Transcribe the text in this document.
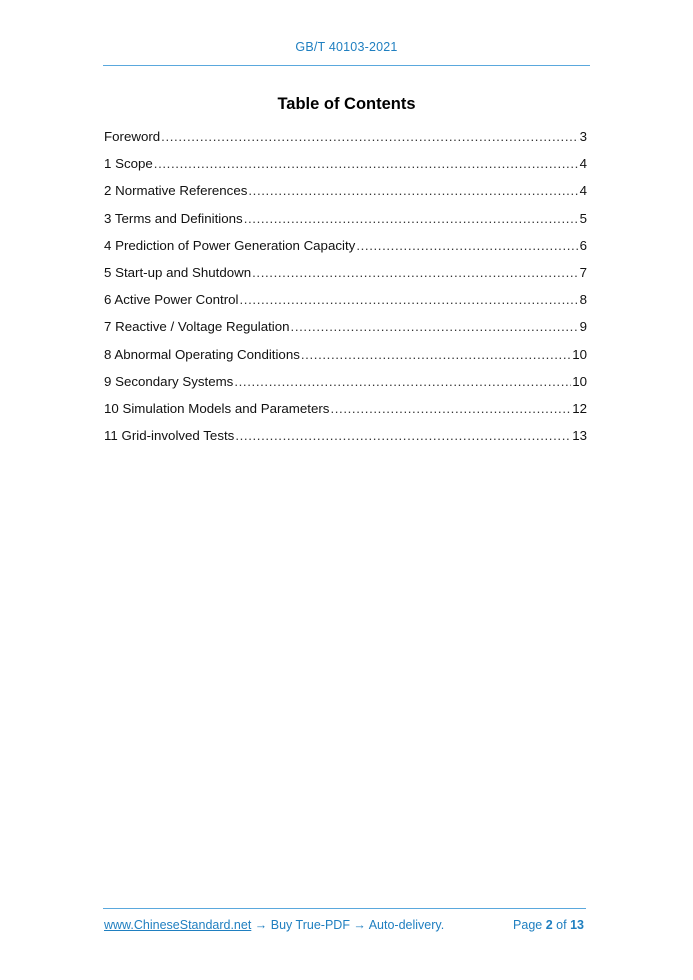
GB/T 40103-2021
Table of Contents
Foreword .....	3
1 Scope .....	4
2 Normative References .....	4
3 Terms and Definitions .....	5
4 Prediction of Power Generation Capacity .....	6
5 Start-up and Shutdown .....	7
6 Active Power Control .....	8
7 Reactive / Voltage Regulation .....	9
8 Abnormal Operating Conditions .....	10
9 Secondary Systems .....	10
10 Simulation Models and Parameters .....	12
11 Grid-involved Tests .....	13
www.ChineseStandard.net → Buy True-PDF → Auto-delivery.	Page 2 of 13
